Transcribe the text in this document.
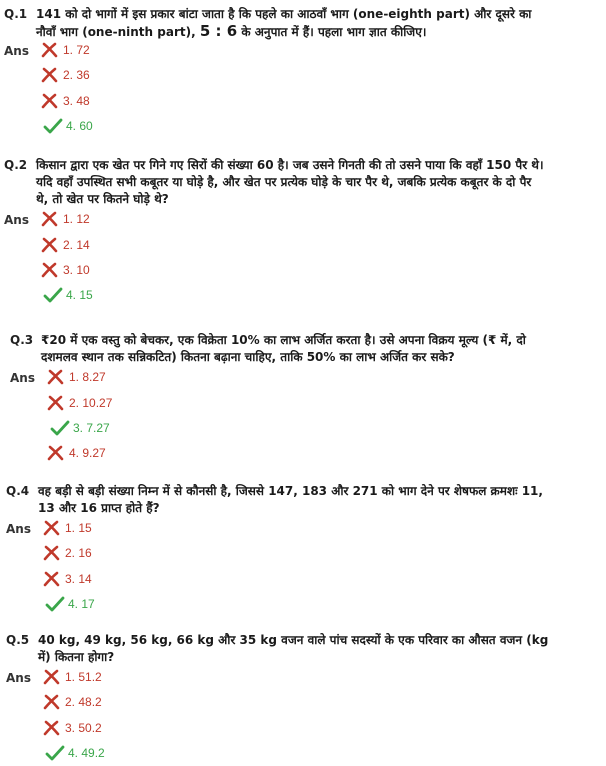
Q.1 141 को दो भागों में इस प्रकार बांटा जाता है कि पहले का आठवाँ भाग (one-eighth part) और दूसरे का नौवाँ भाग (one-ninth part), 5 : 6 के अनुपात में हैं। पहला भाग ज्ञात कीजिए।
Ans	1. 72
2. 36
3. 48
4. 60
Q.2 किसान द्वारा एक खेत पर गिने गए सिरों की संख्या 60 है। जब उसने गिनती की तो उसने पाया कि वहाँ 150 पैर थे। यदि वहाँ उपस्थित सभी कबूतर या घोड़े है, और खेत पर प्रत्येक घोड़े के चार पैर थे, जबकि प्रत्येक कबूतर के दो पैर थे, तो खेत पर कितने घोड़े थे?
Ans	1. 12
2. 14
3. 10
4. 15
Q.3 ₹20 में एक वस्तु को बेचकर, एक विक्रेता 10% का लाभ अर्जित करता है। उसे अपना विक्रय मूल्य (₹ में, दो दशमलव स्थान तक सन्निकटित) कितना बढ़ाना चाहिए, ताकि 50% का लाभ अर्जित कर सके?
Ans	1. 8.27
2. 10.27
3. 7.27
4. 9.27
Q.4 वह बड़ी से बड़ी संख्या निम्न में से कौनसी है, जिससे 147, 183 और 271 को भाग देने पर शेषफल क्रमशः 11, 13 और 16 प्राप्त होते हैं?
Ans	1. 15
2. 16
3. 14
4. 17
Q.5 40 kg, 49 kg, 56 kg, 66 kg और 35 kg वजन वाले पांच सदस्यों के एक परिवार का औसत वजन (kg में) कितना होगा?
Ans	1. 51.2
2. 48.2
3. 50.2
4. 49.2
